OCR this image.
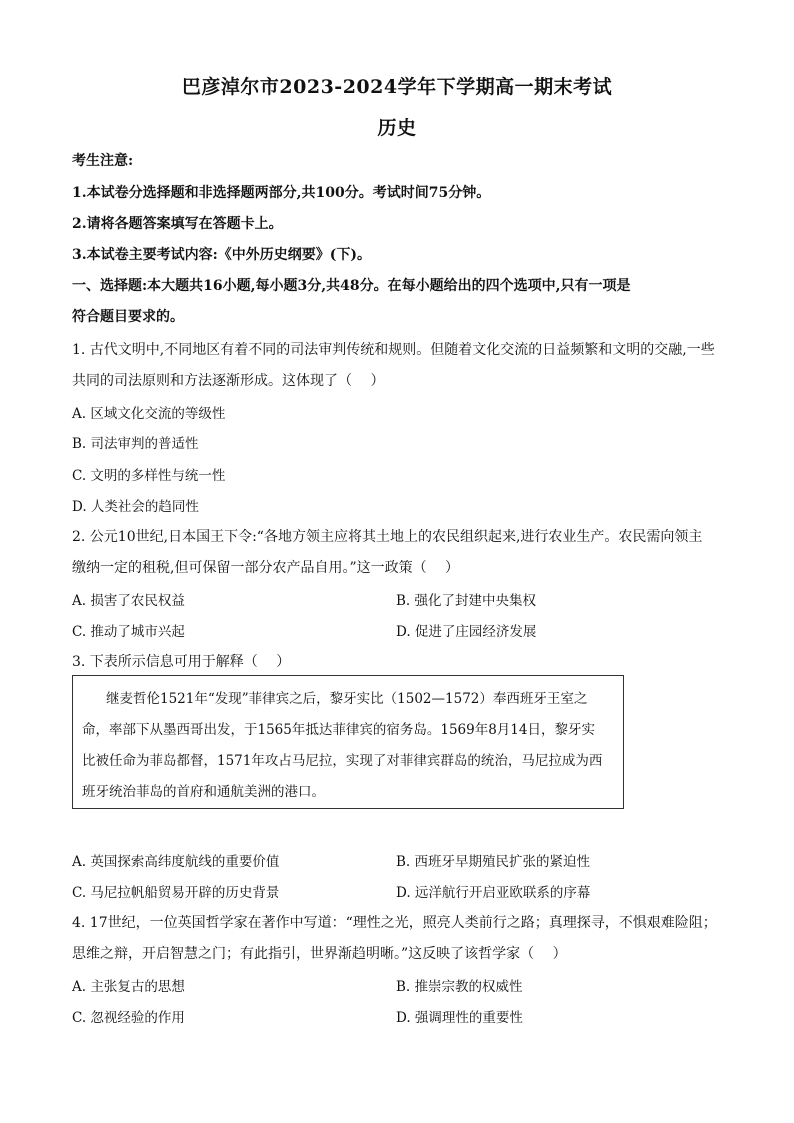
巴彦淖尔市2023-2024学年下学期高一期末考试
历史
考生注意:
1.本试卷分选择题和非选择题两部分,共100分。考试时间75分钟。
2.请将各题答案填写在答题卡上。
3.本试卷主要考试内容:《中外历史纲要》(下)。
一、选择题:本大题共16小题,每小题3分,共48分。在每小题给出的四个选项中,只有一项是
符合题目要求的。
1. 古代文明中,不同地区有着不同的司法审判传统和规则。但随着文化交流的日益频繁和文明的交融,一些
共同的司法原则和方法逐渐形成。这体现了（　 ）
A. 区域文化交流的等级性
B. 司法审判的普适性
C. 文明的多样性与统一性
D. 人类社会的趋同性
2. 公元10世纪,日本国王下令:“各地方领主应将其土地上的农民组织起来,进行农业生产。农民需向领主
缴纳一定的租税,但可保留一部分农产品自用。”这一政策（　 ）
A. 损害了农民权益	B. 强化了封建中央集权
C. 推动了城市兴起	D. 促进了庄园经济发展
3. 下表所示信息可用于解释（　 ）
继麦哲伦1521年“发现”菲律宾之后，黎牙实比（1502—1572）奉西班牙王室之
命，率部下从墨西哥出发，于1565年抵达菲律宾的宿务岛。1569年8月14日，黎牙实
比被任命为菲岛都督，1571年攻占马尼拉，实现了对菲律宾群岛的统治，马尼拉成为西
班牙统治菲岛的首府和通航美洲的港口。
A. 英国探索高纬度航线的重要价值	B. 西班牙早期殖民扩张的紧迫性
C. 马尼拉帆船贸易开辟的历史背景	D. 远洋航行开启亚欧联系的序幕
4. 17世纪，一位英国哲学家在著作中写道：“理性之光，照亮人类前行之路；真理探寻，不惧艰难险阻；
思维之辩，开启智慧之门；有此指引，世界渐趋明晰。”这反映了该哲学家（　 ）
A. 主张复古的思想	B. 推崇宗教的权威性
C. 忽视经验的作用	D. 强调理性的重要性
